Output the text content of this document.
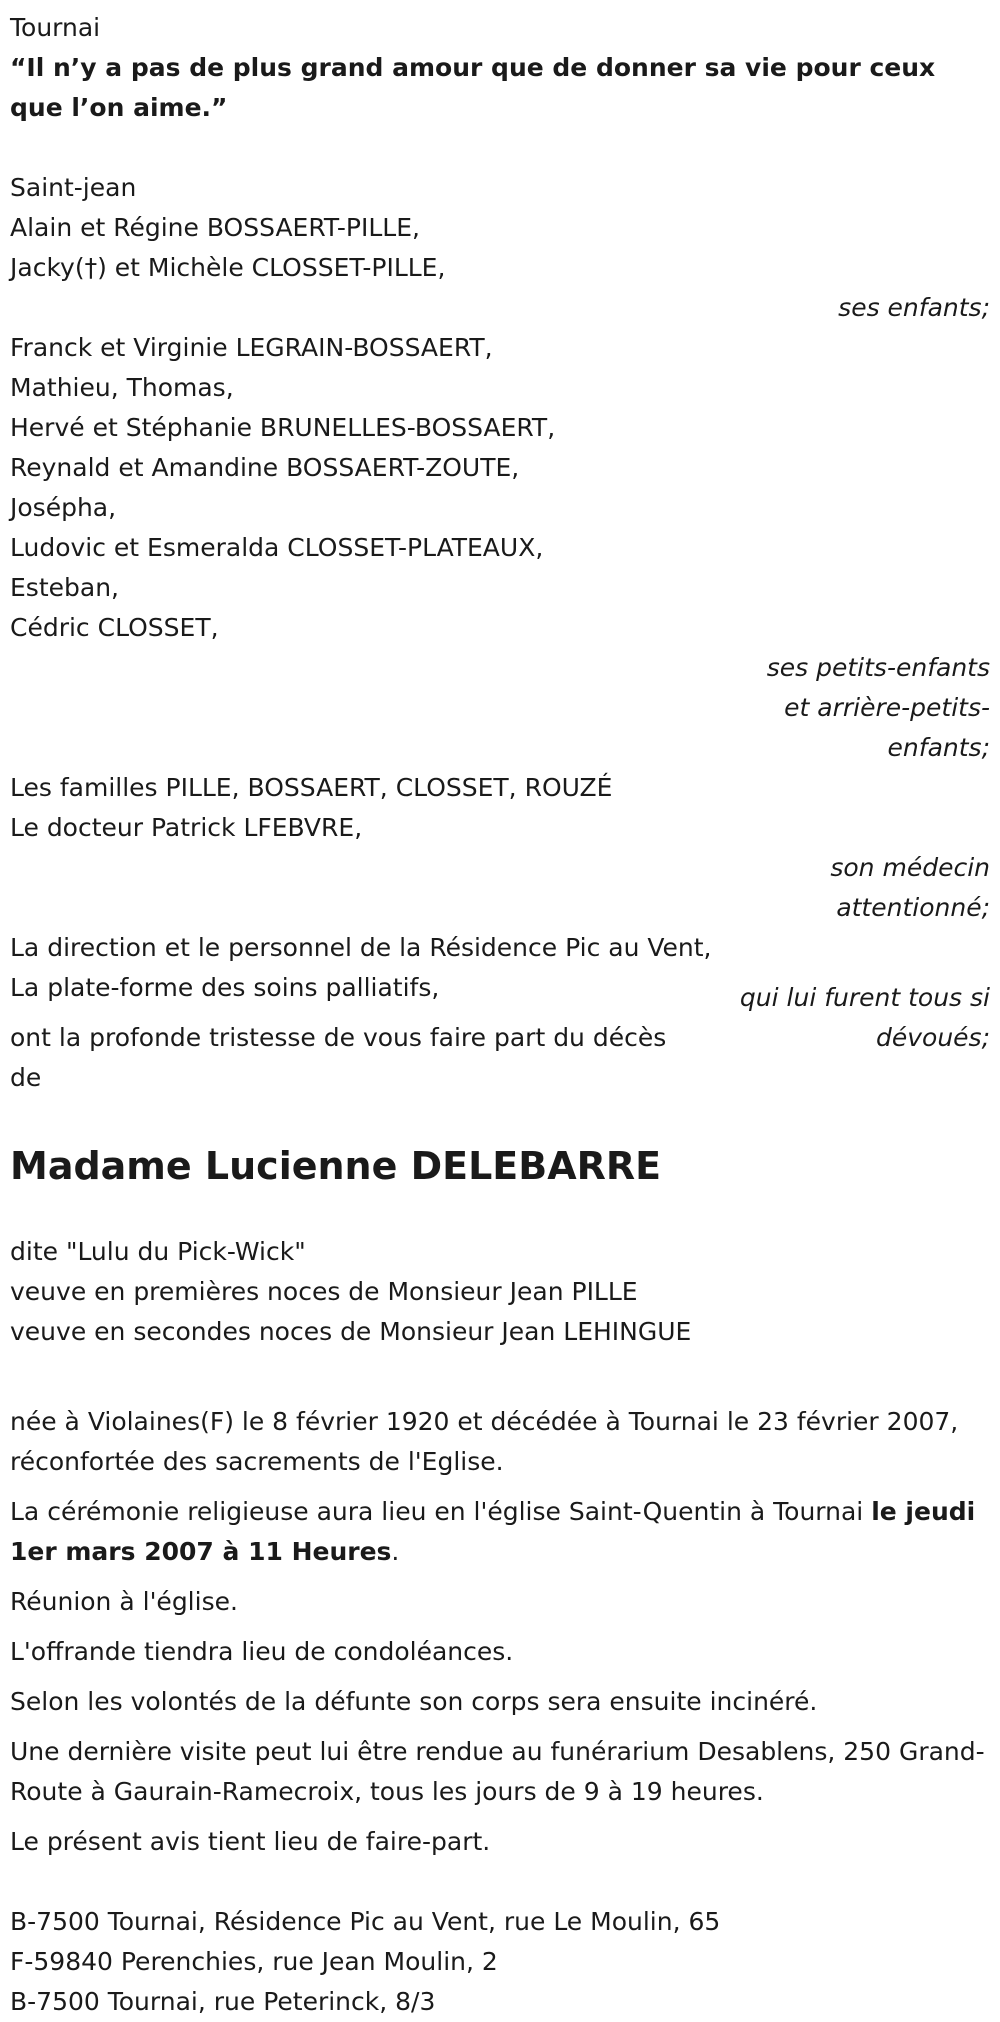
Tournai
“Il n’y a pas de plus grand amour que de donner sa vie pour ceux que l’on aime.”
Saint-jean
Alain et Régine BOSSAERT-PILLE,
Jacky(†) et Michèle CLOSSET-PILLE,
ses enfants;
Franck et Virginie LEGRAIN-BOSSAERT,
Mathieu, Thomas,
Hervé et Stéphanie BRUNELLES-BOSSAERT,
Reynald et Amandine BOSSAERT-ZOUTE,
Josépha,
Ludovic et Esmeralda CLOSSET-PLATEAUX,
Esteban,
Cédric CLOSSET,
ses petits-enfants et arrière-petits-enfants;
Les familles PILLE, BOSSAERT, CLOSSET, ROUZÉ
Le docteur Patrick LFEBVRE,
son médecin attentionné;
La direction et le personnel de la Résidence Pic au Vent,
La plate-forme des soins palliatifs,	qui lui furent tous si dévoués;
ont la profonde tristesse de vous faire part du décès
de
Madame Lucienne DELEBARRE
dite "Lulu du Pick-Wick"
veuve en premières noces de Monsieur Jean PILLE
veuve en secondes noces de Monsieur Jean LEHINGUE
née à Violaines(F) le 8 février 1920 et décédée à Tournai le 23 février 2007, réconfortée des sacrements de l'Eglise.
La cérémonie religieuse aura lieu en l'église Saint-Quentin à Tournai le jeudi 1er mars 2007 à 11 Heures.
Réunion à l'église.
L'offrande tiendra lieu de condoléances.
Selon les volontés de la défunte son corps sera ensuite incinéré.
Une dernière visite peut lui être rendue au funérarium Desablens, 250 Grand-Route à Gaurain-Ramecroix, tous les jours de 9 à 19 heures.
Le présent avis tient lieu de faire-part.
B-7500 Tournai, Résidence Pic au Vent, rue Le Moulin, 65
F-59840 Perenchies, rue Jean Moulin, 2
B-7500 Tournai, rue Peterinck, 8/3
